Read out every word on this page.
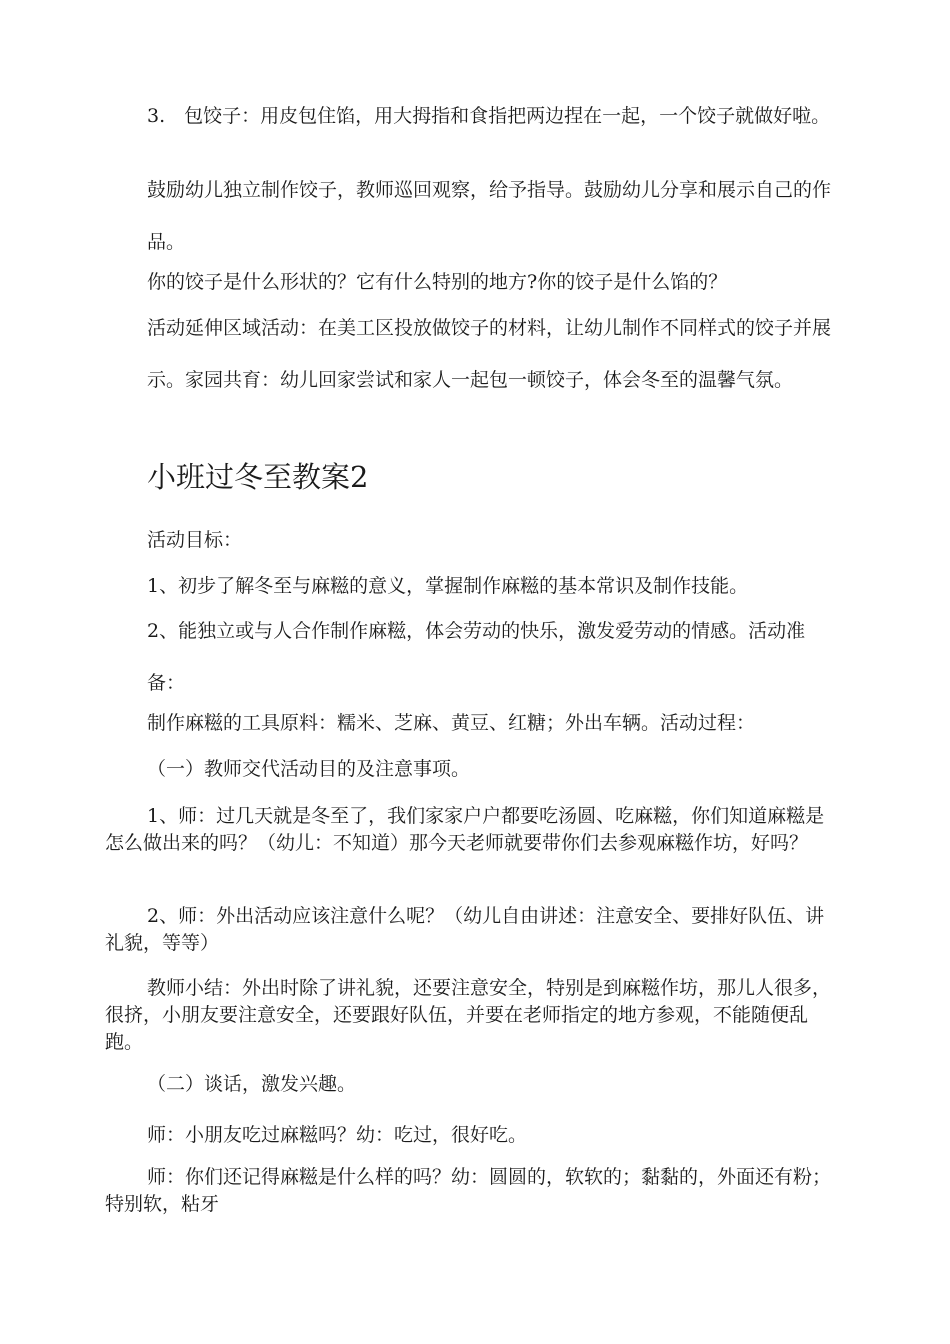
3.　包饺子：用皮包住馅，用大拇指和食指把两边捏在一起，一个饺子就做好啦。

鼓励幼儿独立制作饺子，教师巡回观察，给予指导。鼓励幼儿分享和展示自己的作品。

你的饺子是什么形状的？它有什么特别的地方?你的饺子是什么馅的？

活动延伸区域活动：在美工区投放做饺子的材料，让幼儿制作不同样式的饺子并展示。家园共育：幼儿回家尝试和家人一起包一顿饺子，体会冬至的温馨气氛。

小班过冬至教案2

活动目标：

1、初步了解冬至与麻糍的意义，掌握制作麻糍的基本常识及制作技能。

2、能独立或与人合作制作麻糍，体会劳动的快乐，激发爱劳动的情感。活动准备：

制作麻糍的工具原料：糯米、芝麻、黄豆、红糖；外出车辆。活动过程：

（一）教师交代活动目的及注意事项。

1、师：过几天就是冬至了，我们家家户户都要吃汤圆、吃麻糍，你们知道麻糍是怎么做出来的吗？（幼儿：不知道）那今天老师就要带你们去参观麻糍作坊，好吗？

2、师：外出活动应该注意什么呢？（幼儿自由讲述：注意安全、要排好队伍、讲礼貌，等等）

教师小结：外出时除了讲礼貌，还要注意安全，特别是到麻糍作坊，那儿人很多，很挤，小朋友要注意安全，还要跟好队伍，并要在老师指定的地方参观，不能随便乱跑。

（二）谈话，激发兴趣。

师：小朋友吃过麻糍吗？幼：吃过，很好吃。

师：你们还记得麻糍是什么样的吗？幼：圆圆的，软软的；黏黏的，外面还有粉；特别软，粘牙
